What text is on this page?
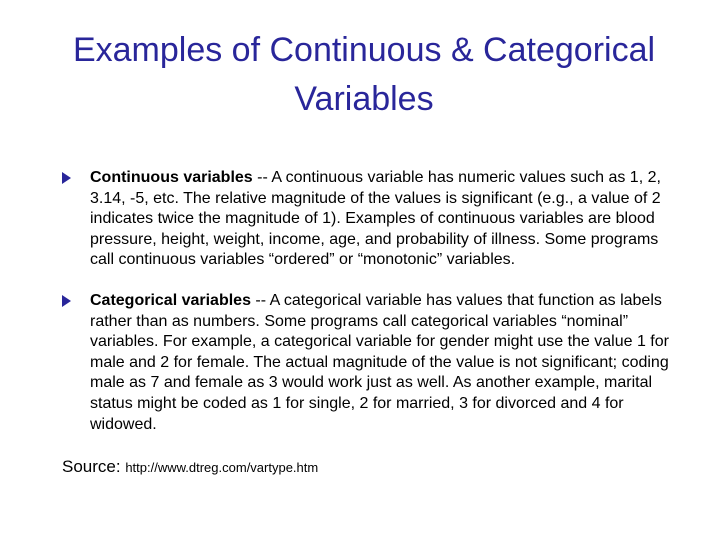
Examples of Continuous & Categorical
Variables
Continuous variables -- A continuous variable has numeric values such as 1, 2, 3.14, -5, etc. The relative magnitude of the values is significant (e.g., a value of 2 indicates twice the magnitude of 1). Examples of continuous variables are blood pressure, height, weight, income, age, and probability of illness. Some programs call continuous variables “ordered” or “monotonic” variables.
Categorical variables -- A categorical variable has values that function as labels rather than as numbers. Some programs call categorical variables “nominal” variables. For example, a categorical variable for gender might use the value 1 for male and 2 for female. The actual magnitude of the value is not significant; coding male as 7 and female as 3 would work just as well. As another example, marital status might be coded as 1 for single, 2 for married, 3 for divorced and 4 for widowed.

Source: http://www.dtreg.com/vartype.htm
